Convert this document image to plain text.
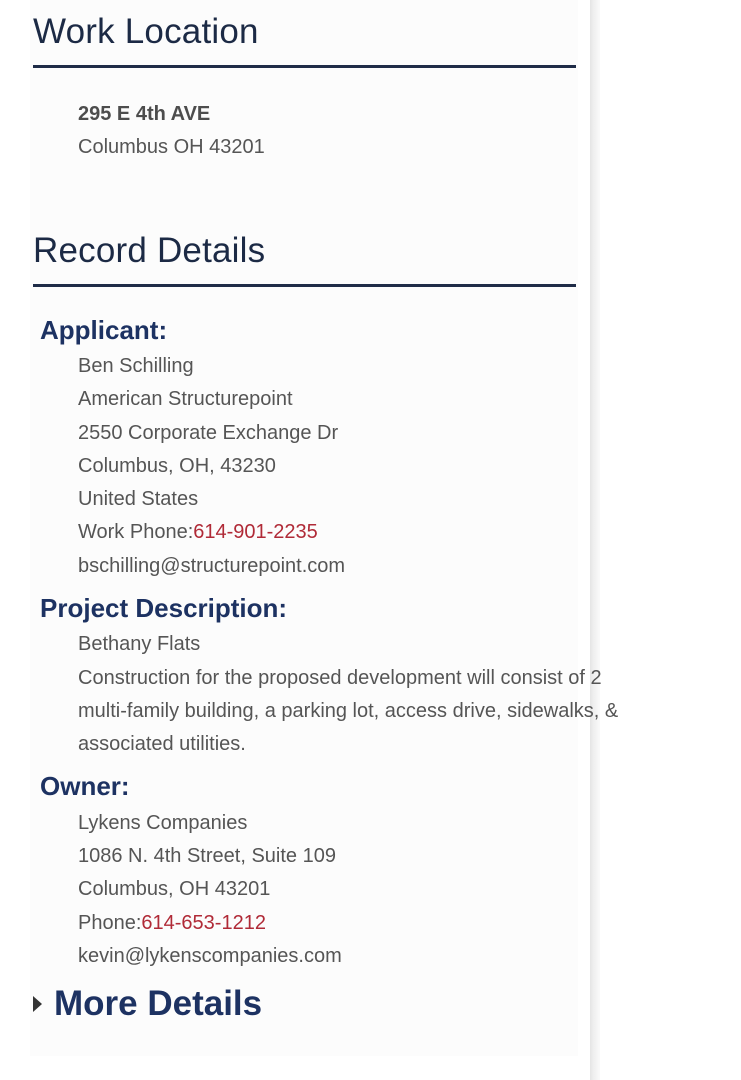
Work Location
295 E 4th AVE
Columbus OH 43201
Record Details
Applicant:
Ben Schilling
American Structurepoint
2550 Corporate Exchange Dr
Columbus, OH, 43230
United States
Work Phone:614-901-2235
bschilling@structurepoint.com
Project Description:
Bethany Flats
Construction for the proposed development will consist of 2
multi-family building, a parking lot, access drive, sidewalks, &
associated utilities.
Owner:
Lykens Companies
1086 N. 4th Street, Suite 109
Columbus, OH 43201
Phone:614-653-1212
kevin@lykenscompanies.com
More Details
